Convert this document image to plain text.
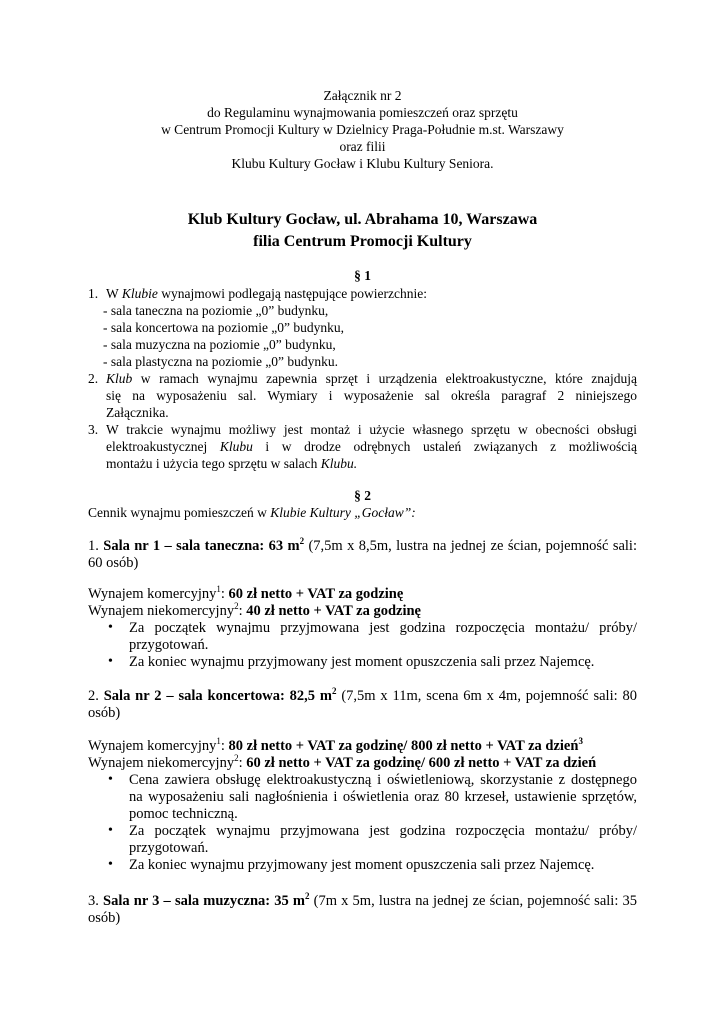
Załącznik nr 2
do Regulaminu wynajmowania pomieszczeń oraz sprzętu
w Centrum Promocji Kultury w Dzielnicy Praga-Południe m.st. Warszawy
oraz filii
Klubu Kultury Gocław i Klubu Kultury Seniora.
Klub Kultury Gocław, ul. Abrahama 10, Warszawa
filia Centrum Promocji Kultury
§ 1
1. W Klubie wynajmowi podlegają następujące powierzchnie:
- sala taneczna na poziomie „0” budynku,
- sala koncertowa na poziomie „0” budynku,
- sala muzyczna na poziomie „0” budynku,
- sala plastyczna na poziomie „0” budynku.
2. Klub w ramach wynajmu zapewnia sprzęt i urządzenia elektroakustyczne, które znajdują
się na wyposażeniu sal. Wymiary i wyposażenie sal określa paragraf 2 niniejszego
Załącznika.
3. W trakcie wynajmu możliwy jest montaż i użycie własnego sprzętu w obecności obsługi
elektroakustycznej Klubu i w drodze odrębnych ustaleń związanych z możliwością
montażu i użycia tego sprzętu w salach Klubu.
§ 2
Cennik wynajmu pomieszczeń w Klubie Kultury „Gocław”:
1. Sala nr 1 – sala taneczna: 63 $m^2$ (7,5m x 8,5m, lustra na jednej ze ścian, pojemność sali:
60 osób)
Wynajem komercyjny$^1$: 60 zł netto + VAT za godzinę
Wynajem niekomercyjny$^2$: 40 zł netto + VAT za godzinę
• Za początek wynajmu przyjmowana jest godzina rozpoczęcia montażu/ próby/
przygotowań.
• Za koniec wynajmu przyjmowany jest moment opuszczenia sali przez Najemcę.
2. Sala nr 2 – sala koncertowa: 82,5 $m^2$ (7,5m x 11m, scena 6m x 4m, pojemność sali: 80
osób)
Wynajem komercyjny$^1$: 80 zł netto + VAT za godzinę/ 800 zł netto + VAT za dzień$^3$
Wynajem niekomercyjny$^2$: 60 zł netto + VAT za godzinę/ 600 zł netto + VAT za dzień
• Cena zawiera obsługę elektroakustyczną i oświetleniową, skorzystanie z dostępnego
na wyposażeniu sali nagłośnienia i oświetlenia oraz 80 krzeseł, ustawienie sprzętów,
pomoc techniczną.
• Za początek wynajmu przyjmowana jest godzina rozpoczęcia montażu/ próby/
przygotowań.
• Za koniec wynajmu przyjmowany jest moment opuszczenia sali przez Najemcę.
3. Sala nr 3 – sala muzyczna: 35 $m^2$ (7m x 5m, lustra na jednej ze ścian, pojemność sali: 35
osób)
